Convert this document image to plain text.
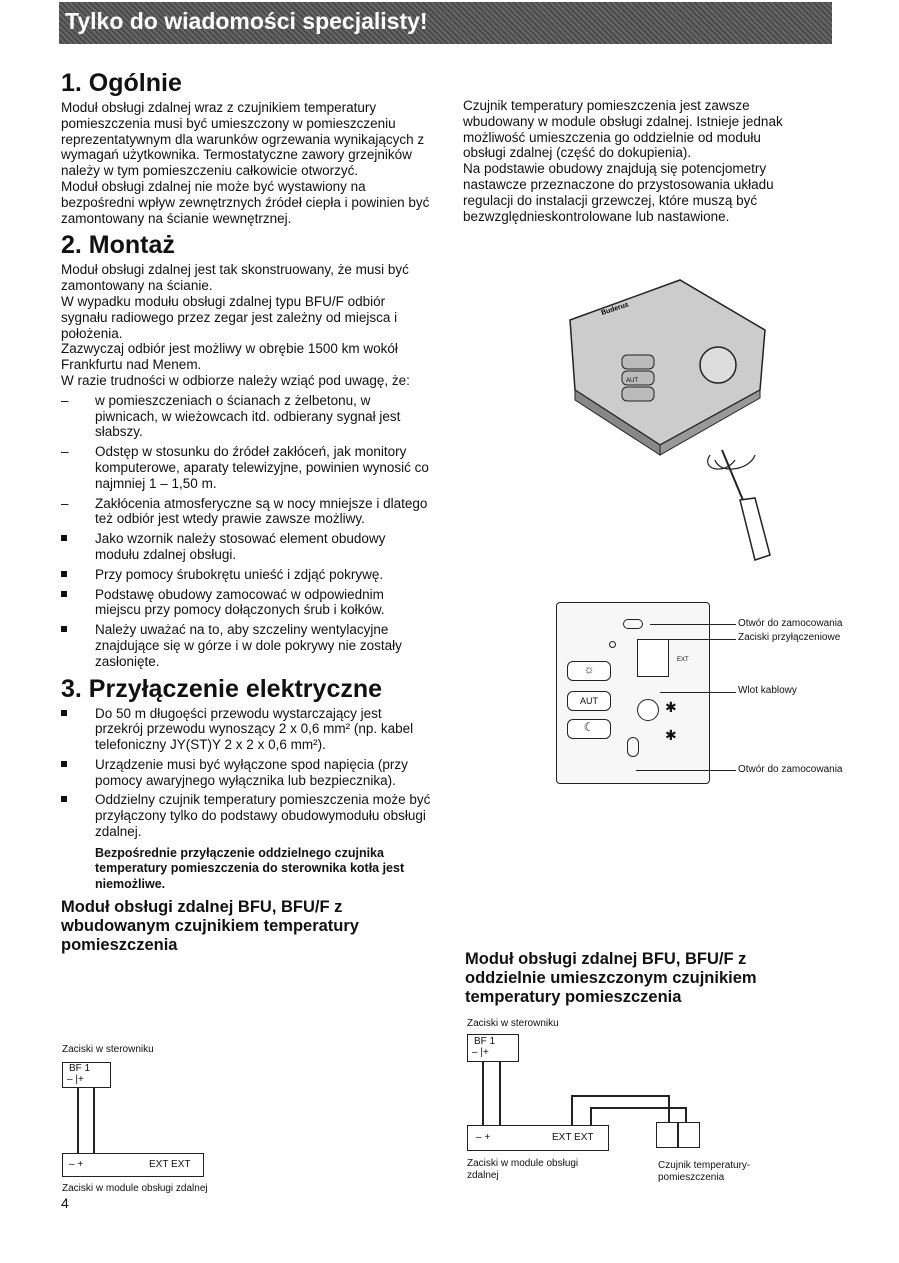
Tylko do wiadomości specjalisty!
1. Ogólnie

Moduł obsługi zdalnej wraz z czujnikiem temperatury pomieszczenia musi być umieszczony w pomieszczeniu reprezentatywnym dla warunków ogrzewania wynikających z wymagań użytkownika. Termostatyczne zawory grzejników należy w tym pomieszczeniu całkowicie otworzyć.

Moduł obsługi zdalnej nie może być wystawiony na bezpośredni wpływ zewnętrznych źródeł ciepła i powinien być zamontowany na ścianie wewnętrznej.

2. Montaż

Moduł obsługi zdalnej jest tak skonstruowany, że musi być zamontowany na ścianie.

W wypadku modułu obsługi zdalnej typu BFU/F odbiór sygnału radiowego przez zegar jest zależny od miejsca i położenia.

Zazwyczaj odbiór jest możliwy w obrębie 1500 km wokół Frankfurtu nad Menem.

W razie trudności w odbiorze należy wziąć pod uwagę, że:

–	w pomieszczeniach o ścianach z żelbetonu, w piwnicach, w wieżowcach itd. odbierany sygnał jest słabszy.
–	Odstęp w stosunku do źródeł zakłóceń, jak monitory komputerowe, aparaty telewizyjne, powinien wynosić co najmniej 1 – 1,50 m.
–	Zakłócenia atmosferyczne są w nocy mniejsze i dlatego też odbiór jest wtedy prawie zawsze możliwy.
Jako wzornik należy stosować element obudowy modułu zdalnej obsługi.
Przy pomocy śrubokrętu unieść i zdjąć pokrywę.
Podstawę obudowy zamocować w odpowiednim miejscu przy pomocy dołączonych śrub i kołków.
Należy uważać na to, aby szczeliny wentylacyjne znajdujące się w górze i w dole pokrywy nie zostały zasłonięte.
3. Przyłączenie elektryczne
Do 50 m długoęści przewodu wystarczający jest przekrój przewodu wynoszący 2 x 0,6 mm² (np. kabel telefoniczny JY(ST)Y 2 x 2 x 0,6 mm²).
Urządzenie musi być wyłączone spod napięcia (przy pomocy awaryjnego wyłącznika lub bezpiecznika).
Oddzielny czujnik temperatury pomieszczenia może być przyłączony tylko do podstawy obudowymodułu obsługi zdalnej.
Bezpośrednie przyłączenie oddzielnego czujnika temperatury pomieszczenia do sterownika kotła jest niemożliwe.
Moduł obsługi zdalnej BFU, BFU/F z wbudowanym czujnikiem temperatury pomieszczenia
Zaciski w sterowniku
BF 1
– |+
– +	EXT EXT
Zaciski w module obsługi zdalnej
4

Czujnik temperatury pomieszczenia jest zawsze wbudowany w module obsługi zdalnej. Istnieje jednak możliwość umieszczenia go oddzielnie od modułu obsługi zdalnej (część do dokupienia).

Na podstawie obudowy znajdują się potencjometry nastawcze przeznaczone do przystosowania układu regulacji do instalacji grzewczej, które muszą być bezwzględnieskontrolowane lub nastawione.

Buderus
AUT
EXT
☼
AUT
☾
✱
✱
Otwór do zamocowania
Zaciski przyłączeniowe
Wlot kablowy
Otwór do zamocowania
Moduł obsługi zdalnej BFU, BFU/F z oddzielnie umieszczonym czujnikiem temperatury pomieszczenia
Zaciski w sterowniku
BF 1
– |+
– +	EXT EXT
Zaciski w module obsługi zdalnej
Czujnik temperatury-pomieszczenia
